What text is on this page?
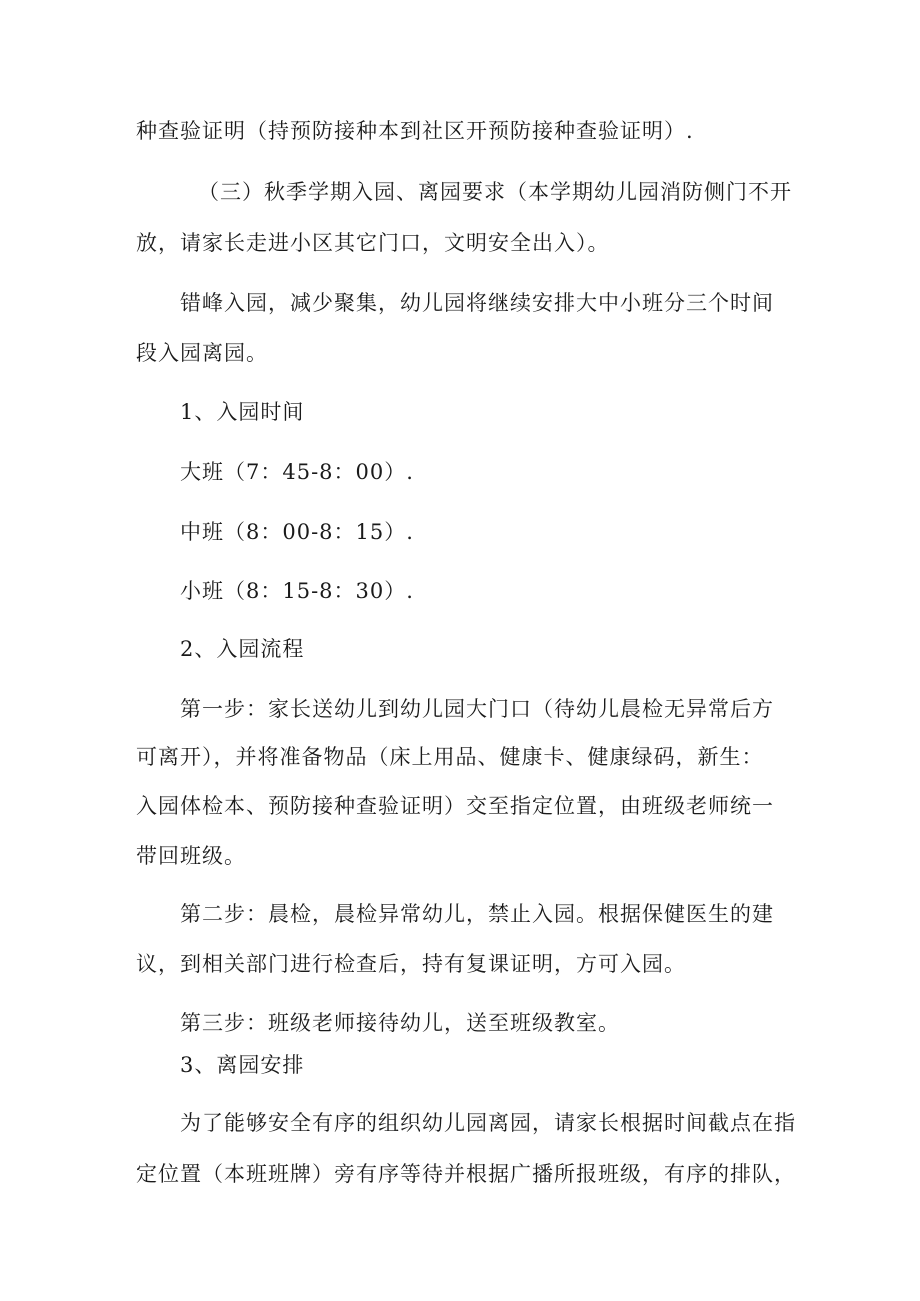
种查验证明（持预防接种本到社区开预防接种查验证明）.
（三）秋季学期入园、离园要求（本学期幼儿园消防侧门不开
放，请家长走进小区其它门口，文明安全出入）。
错峰入园，减少聚集，幼儿园将继续安排大中小班分三个时间
段入园离园。
1、入园时间
大班（7：45-8：00）.
中班（8：00-8：15）.
小班（8：15-8：30）.
2、入园流程
第一步：家长送幼儿到幼儿园大门口（待幼儿晨检无异常后方
可离开），并将准备物品（床上用品、健康卡、健康绿码，新生：
入园体检本、预防接种查验证明）交至指定位置，由班级老师统一
带回班级。
第二步：晨检，晨检异常幼儿，禁止入园。根据保健医生的建
议，到相关部门进行检查后，持有复课证明，方可入园。
第三步：班级老师接待幼儿，送至班级教室。
3、离园安排
为了能够安全有序的组织幼儿园离园，请家长根据时间截点在指
定位置（本班班牌）旁有序等待并根据广播所报班级，有序的排队，
